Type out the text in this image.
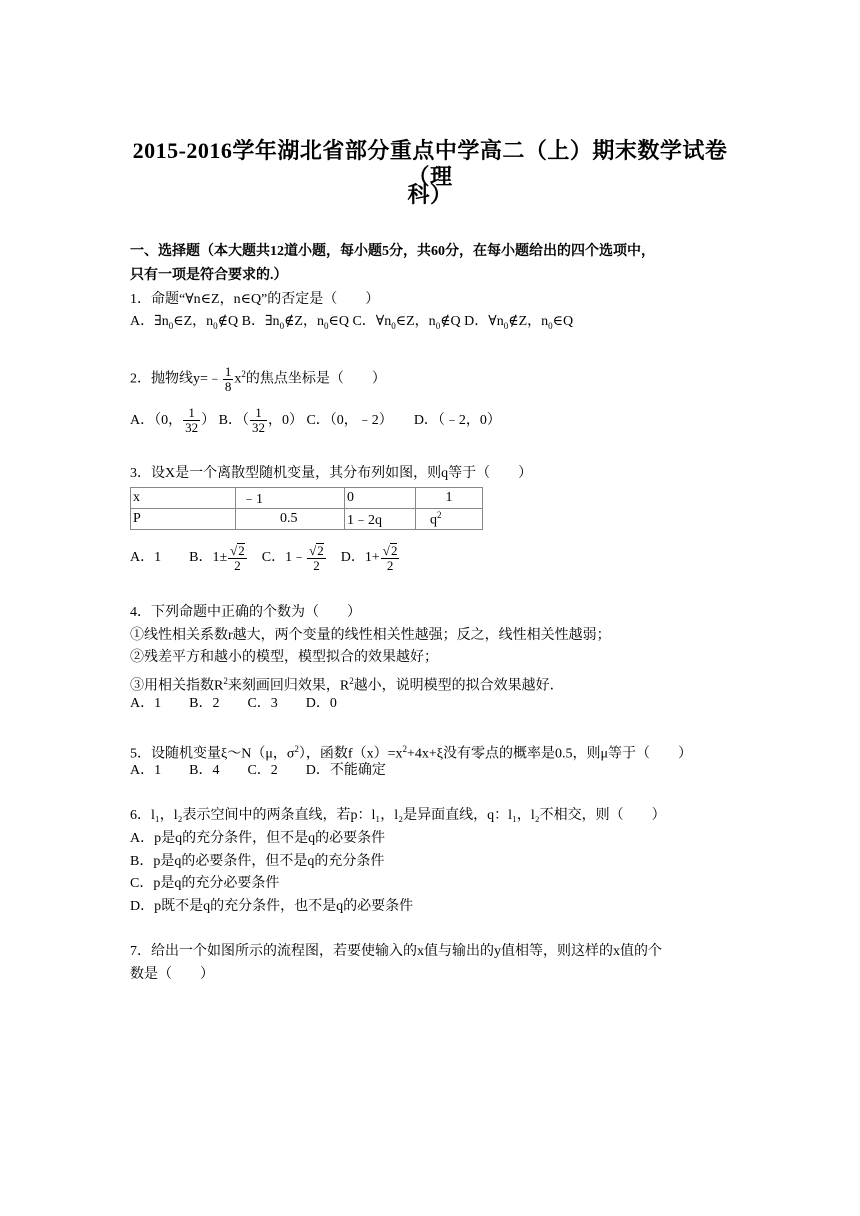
2015-2016学年湖北省部分重点中学高二（上）期末数学试卷（理
科）
一、选择题（本大题共12道小题，每小题5分，共60分，在每小题给出的四个选项中，
只有一项是符合要求的.）
1．命题“∀n∈Z，n∈Q”的否定是（　　）
A．$\exists n_0\in Z$，$n_0\notin Q$ B．$\exists n_0\notin Z$，$n_0\in Q$ C．$\forall n_0\in Z$，$n_0\notin Q$ D．$\forall n_0\notin Z$，$n_0\in Q$
2．抛物线y=﹣ $\frac{1}{8} x^2$的焦点坐标是（　　）
A．（0， $\frac{1}{32}$ ） B．（ $\frac{1}{32}$ ，0） C．（0，﹣2）　　 D．（﹣2，0）
3．设X是一个离散型随机变量，其分布列如图，则q等于（　　）
x	﹣1	0	1
P	0.5	1﹣2q	$q^2$
A．1　　 B．$1\pm \frac{√2}{2}$
　 C．1﹣ $\frac{√2}{2}$
　 D．$1+ \frac{√2}{2}$
4．下列命题中正确的个数为（　　）
①线性相关系数r越大，两个变量的线性相关性越强；反之，线性相关性越弱；
②残差平方和越小的模型，模型拟合的效果越好；
③用相关指数$R^2$来刻画回归效果，$R^2$越小，说明模型的拟合效果越好．
A．1　　B．2　　C．3　　D．0
5．设随机变量ξ～N（μ，$\sigma^2$），函数$f(x)=x^2+4x+\xi$没有零点的概率是0.5，则μ等于（　　）
A．1　　B．4　　C．2　　D．不能确定
6．l₁，l₂表示空间中的两条直线，若p：l₁，l₂是异面直线，q：l₁，l₂不相交，则（　　）
A．p是q的充分条件，但不是q的必要条件
B．p是q的必要条件，但不是q的充分条件
C．p是q的充分必要条件
D．p既不是q的充分条件，也不是q的必要条件
7．给出一个如图所示的流程图，若要使输入的x值与输出的y值相等，则这样的x值的个
数是（　　）
